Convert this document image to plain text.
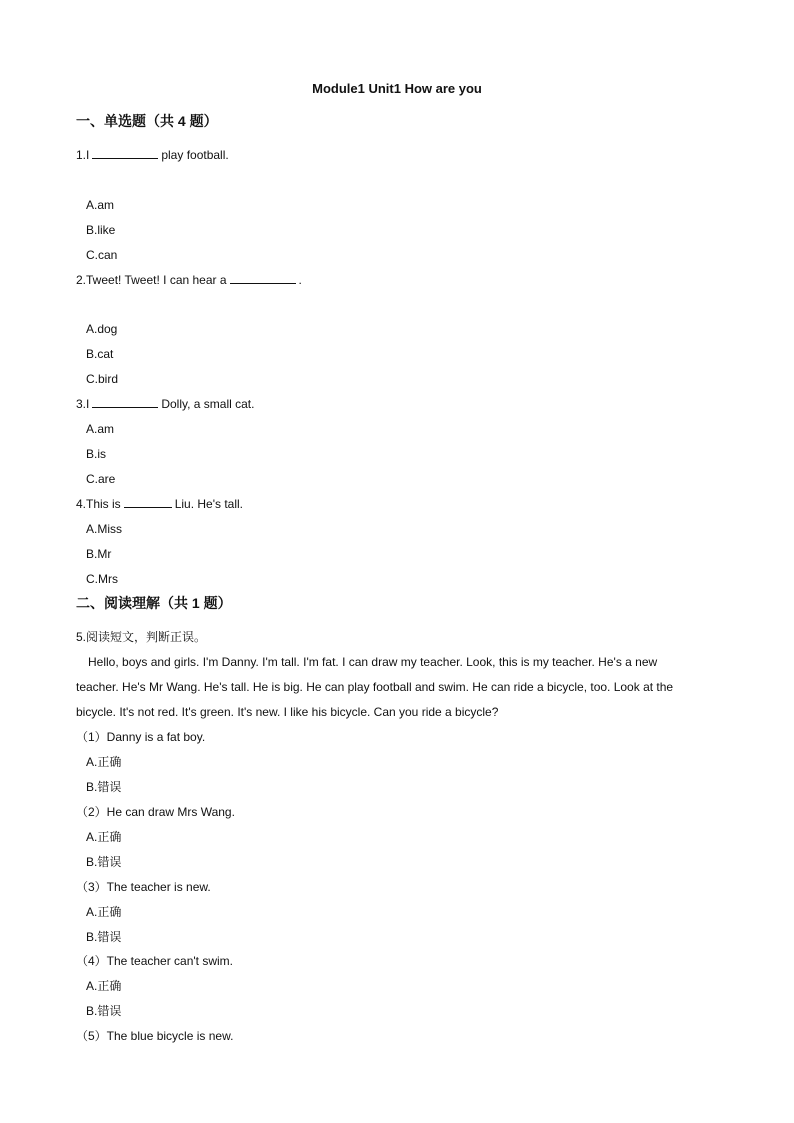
Module1 Unit1 How are you
一、单选题（共 4 题）
1.I	play football.
A.am
B.like
C.can
2.Tweet! Tweet! I can hear a	.
A.dog
B.cat
C.bird
3.I	Dolly, a small cat.
A.am
B.is
C.are
4.This is	Liu. He's tall.
A.Miss
B.Mr
C.Mrs
二、阅读理解（共 1 题）
5.阅读短文，判断正误。
Hello, boys and girls. I'm Danny. I'm tall. I'm fat. I can draw my teacher. Look, this is my teacher. He's a new
teacher. He's Mr Wang. He's tall. He is big. He can play football and swim. He can ride a bicycle, too. Look at the
bicycle. It's not red. It's green. It's new. I like his bicycle. Can you ride a bicycle?
（1）Danny is a fat boy.
A.正确
B.错误
（2）He can draw Mrs Wang.
A.正确
B.错误
（3）The teacher is new.
A.正确
B.错误
（4）The teacher can't swim.
A.正确
B.错误
（5）The blue bicycle is new.
